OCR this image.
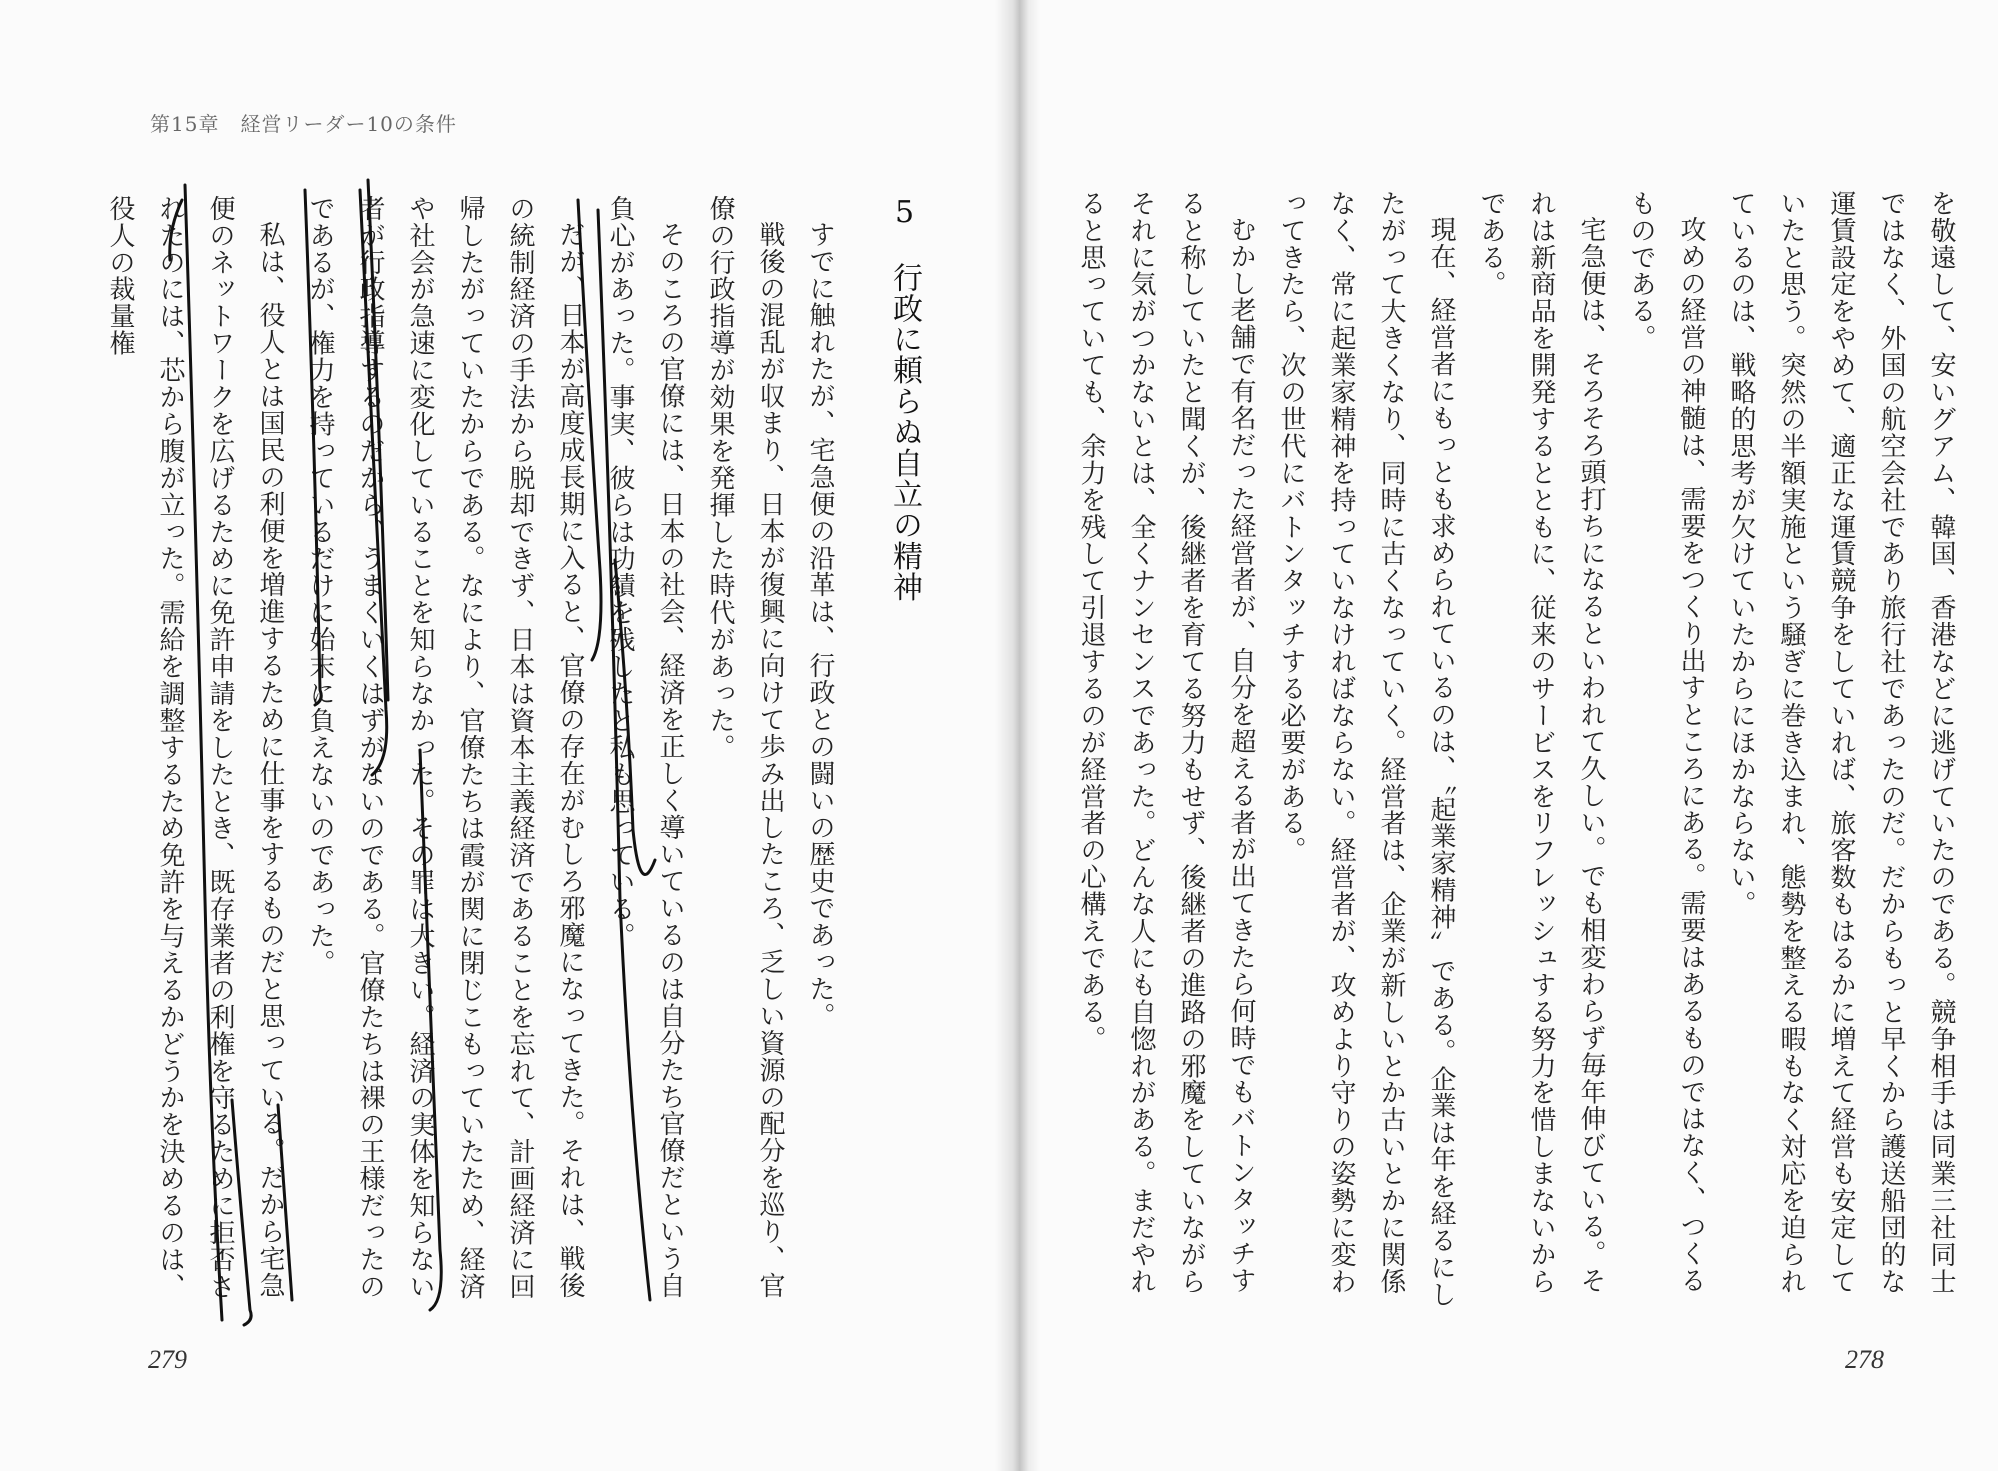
第15章　経営リーダー10の条件

5　行政に頼らぬ自立の精神

すでに触れたが、宅急便の沿革は、行政との闘いの歴史であった。

戦後の混乱が収まり、日本が復興に向けて歩み出したころ、乏しい資源の配分を巡り、官僚の行政指導が効果を発揮した時代があった。

そのころの官僚には、日本の社会、経済を正しく導いているのは自分たち官僚だという自負心があった。事実、彼らは功績を残したと私も思っている。

だが、日本が高度成長期に入ると、官僚の存在がむしろ邪魔になってきた。それは、戦後の統制経済の手法から脱却できず、日本は資本主義経済であることを忘れて、計画経済に回帰したがっていたからである。なにより、官僚たちは霞が関に閉じこもっていたため、経済や社会が急速に変化していることを知らなかった。その罪は大きい。経済の実体を知らない者が行政指導するのだから、うまくいくはずがないのである。官僚たちは裸の王様だったのであるが、権力を持っているだけに始末に負えないのであった。

私は、役人とは国民の利便を増進するために仕事をするものだと思っている。だから宅急便のネットワークを広げるために免許申請をしたとき、既存業者の利権を守るために拒否されたのには、芯から腹が立った。需給を調整するため免許を与えるかどうかを決めるのは、役人の裁量権

279

を敬遠して、安いグアム、韓国、香港などに逃げていたのである。競争相手は同業三社同士ではなく、外国の航空会社であり旅行社であったのだ。だからもっと早くから護送船団的な運賃設定をやめて、適正な運賃競争をしていれば、旅客数もはるかに増えて経営も安定していたと思う。突然の半額実施という騒ぎに巻き込まれ、態勢を整える暇もなく対応を迫られているのは、戦略的思考が欠けていたからにほかならない。

攻めの経営の神髄は、需要をつくり出すところにある。需要はあるものではなく、つくるものである。

宅急便は、そろそろ頭打ちになるといわれて久しい。でも相変わらず毎年伸びている。それは新商品を開発するとともに、従来のサービスをリフレッシュする努力を惜しまないからである。

現在、経営者にもっとも求められているのは、〝起業家精神〟である。企業は年を経るにしたがって大きくなり、同時に古くなっていく。経営者は、企業が新しいとか古いとかに関係なく、常に起業家精神を持っていなければならない。経営者が、攻めより守りの姿勢に変わってきたら、次の世代にバトンタッチする必要がある。

むかし老舗で有名だった経営者が、自分を超える者が出てきたら何時でもバトンタッチすると称していたと聞くが、後継者を育てる努力もせず、後継者の進路の邪魔をしていながらそれに気がつかないとは、全くナンセンスであった。どんな人にも自惚れがある。まだやれると思っていても、余力を残して引退するのが経営者の心構えである。

278
